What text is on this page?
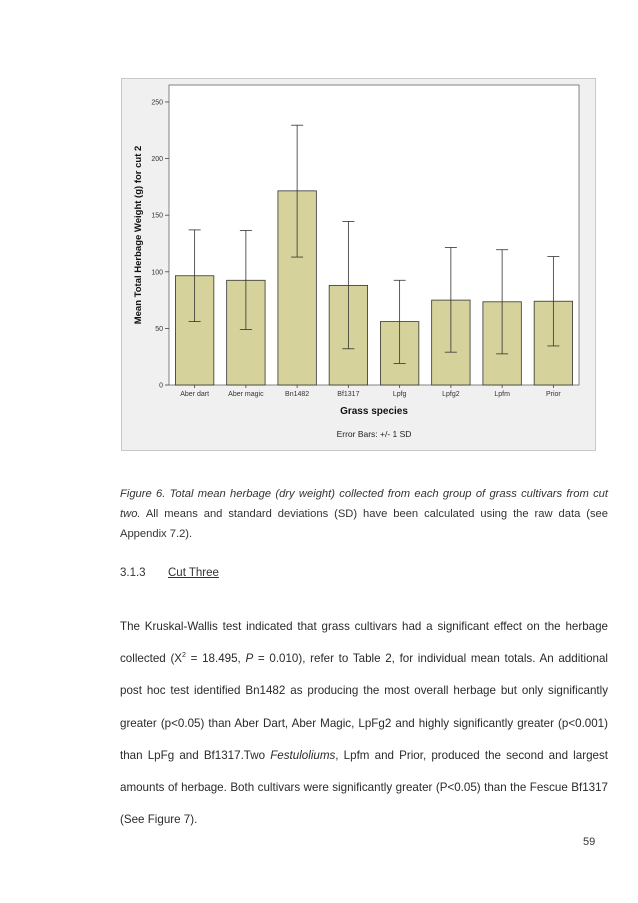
0
50
100
150
200
250
Aber dart	Aber magic	Bn1482	Bf1317	Lpfg	Lpfg2	Lpfm	Prior
Mean Total Herbage Weight (g) for cut 2
Grass species
Error Bars: +/- 1 SD
Figure 6. Total mean herbage (dry weight) collected from each group of grass cultivars from cut two. All means and standard deviations (SD) have been calculated using the raw data (see Appendix 7.2).
3.1.3 Cut Three
The Kruskal-Wallis test indicated that grass cultivars had a significant effect on the herbage collected ($X^2 = 18.495$, P = 0.010), refer to Table 2, for individual mean totals. An additional post hoc test identified Bn1482 as producing the most overall herbage but only significantly greater (p<0.05) than Aber Dart, Aber Magic, LpFg2 and highly significantly greater (p<0.001) than LpFg and Bf1317.Two Festuloliums, Lpfm and Prior, produced the second and largest amounts of herbage. Both cultivars were significantly greater (P<0.05) than the Fescue Bf1317 (See Figure 7).
59
